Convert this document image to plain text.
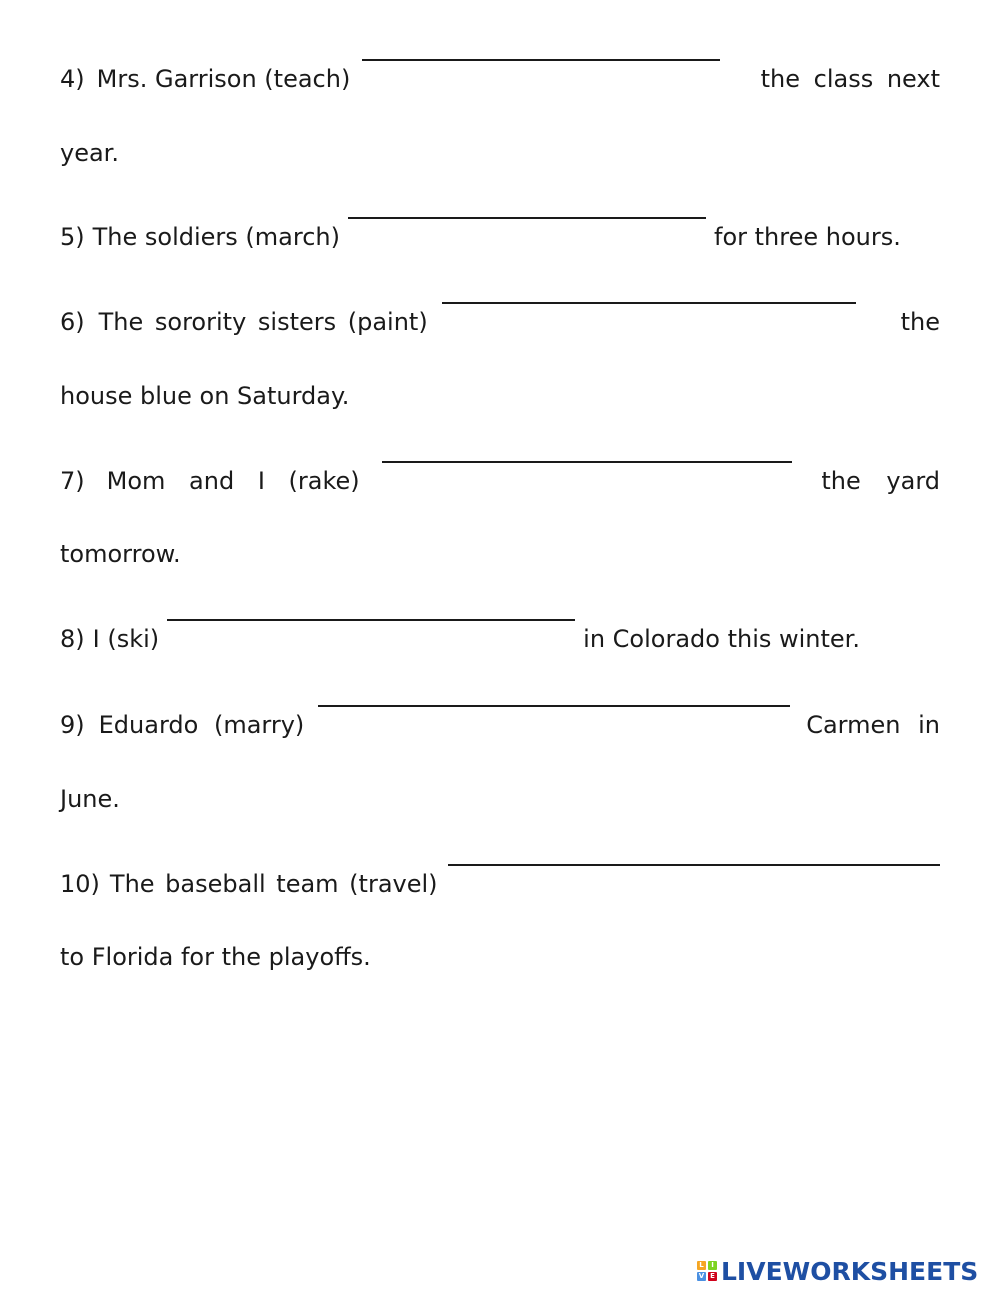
4) Mrs. Garrison (teach)	the class next
year.
5) The soldiers (march)	for three hours.
6) The sorority sisters (paint)	the
house blue on Saturday.
7) Mom and I (rake)	the yard
tomorrow.
8) I (ski)	in Colorado this winter.
9) Eduardo (marry)	Carmen in
June.
10) The baseball team (travel)
to Florida for the playoffs.
L	I
V E LIVEWORKSHEETS
